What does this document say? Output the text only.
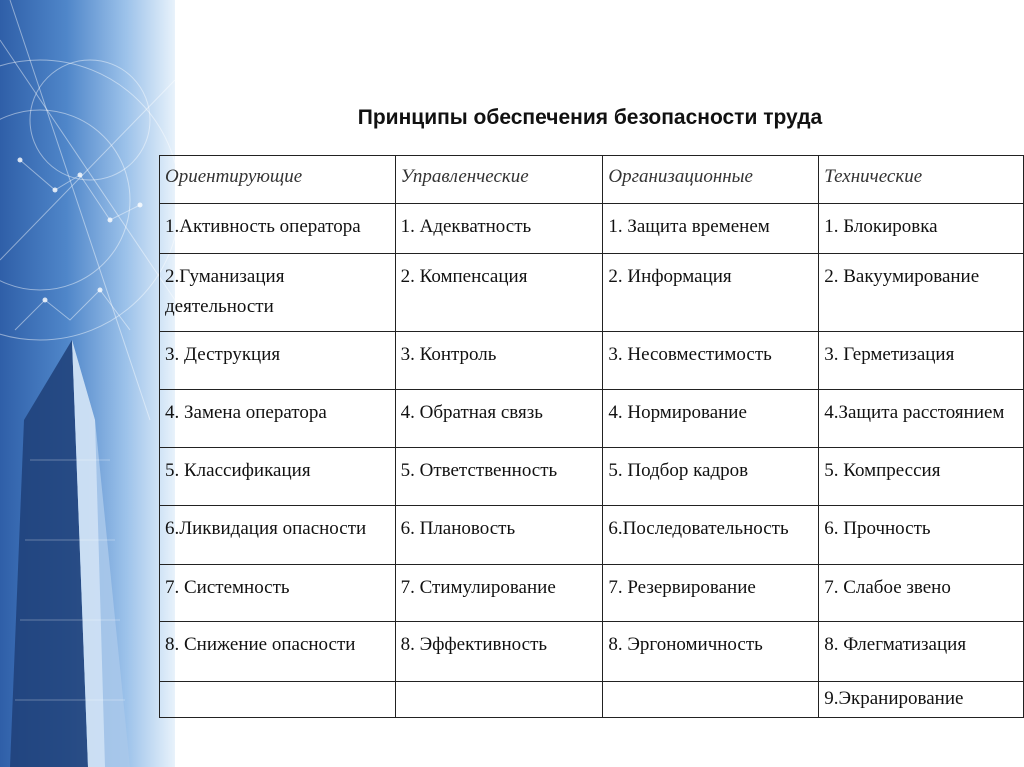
Принципы обеспечения безопасности труда
Ориентирующие	Управленческие	Организационные	Технические
1.Активность оператора	1. Адекватность	1. Защита временем	1. Блокировка
2.Гуманизация деятельности	2. Компенсация	2. Информация	2. Вакуумирование
3. Деструкция	3. Контроль	3. Несовместимость	3. Герметизация
4. Замена оператора	4. Обратная связь	4. Нормирование	4.Защита расстоянием
5. Классификация	5. Ответственность	5. Подбор кадров	5. Компрессия
6.Ликвидация опасности	6. Плановость	6.Последовательность	6. Прочность
7. Системность	7. Стимулирование	7. Резервирование	7. Слабое звено
8. Снижение опасности	8. Эффективность	8. Эргономичность	8. Флегматизация
			9.Экранирование
